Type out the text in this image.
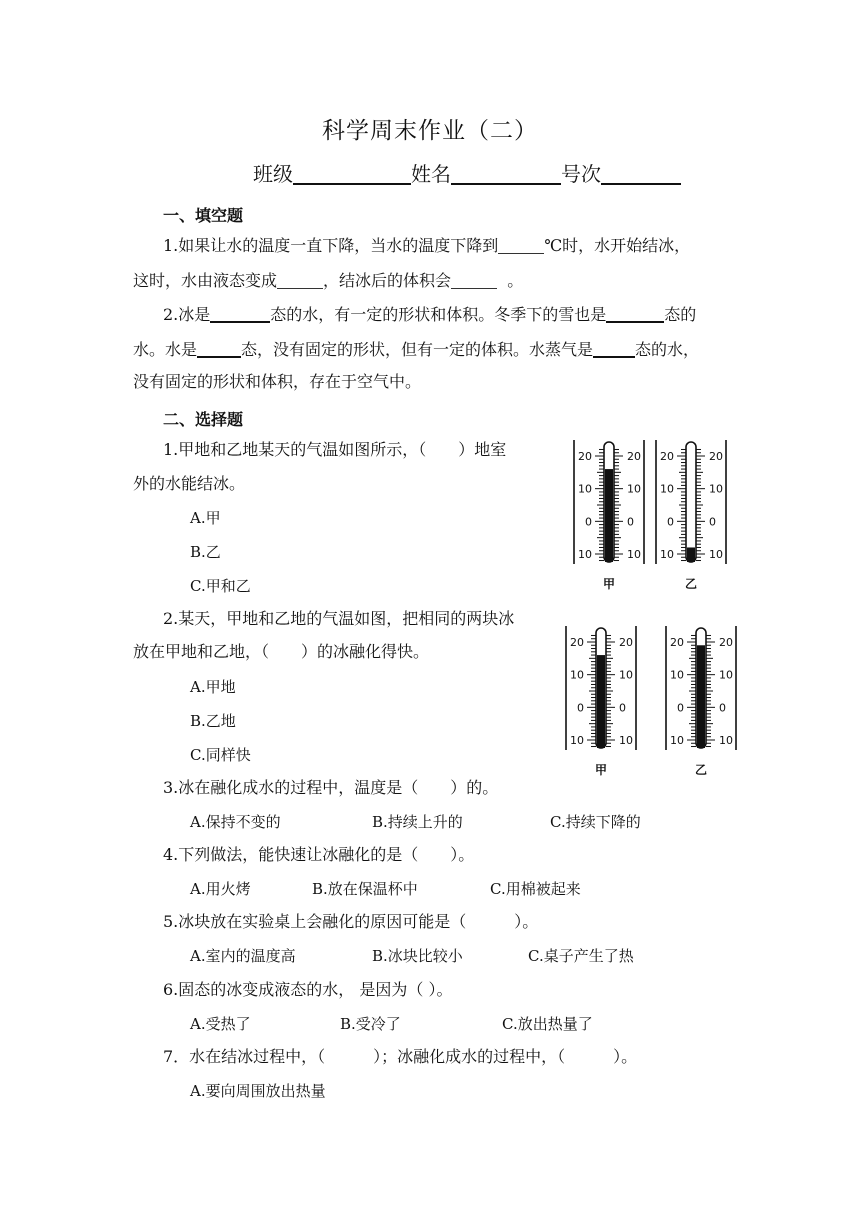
科学周末作业（二）
班级	姓名	号次
一、填空题
1.如果让水的温度一直下降，当水的温度下降到	℃时，水开始结冰，
这时，水由液态变成	，结冰后的体积会	。
2.冰是	态的水，有一定的形状和体积。冬季下的雪也是	态的
水。水是	态，没有固定的形状，但有一定的体积。水蒸气是	态的水，
没有固定的形状和体积，存在于空气中。
二、选择题
1.甲地和乙地某天的气温如图所示，（　　）地室
外的水能结冰。
A.甲
B.乙
C.甲和乙
20	20
10	10
0	0
10	10
甲
20	20
10	10
0	0
10	10
乙
2.某天，甲地和乙地的气温如图，把相同的两块冰
放在甲地和乙地，（　　）的冰融化得快。
A.甲地
B.乙地
C.同样快
20	20
10	10
0	0
10	10
甲
20	20
10	10
0	0
10	10
乙
3.冰在融化成水的过程中，温度是（　　）的。
A.保持不变的	B.持续上升的	C.持续下降的
4.下列做法，能快速让冰融化的是（　　）。
A.用火烤	B.放在保温杯中	C.用棉被起来
5.冰块放在实验桌上会融化的原因可能是（　　　）。
A.室内的温度高	B.冰块比较小	C.桌子产生了热
6.固态的冰变成液态的水， 是因为（ ）。
A.受热了	B.受冷了	C.放出热量了
7．水在结冰过程中，（　　　）；冰融化成水的过程中，（　　　）。
A.要向周围放出热量
